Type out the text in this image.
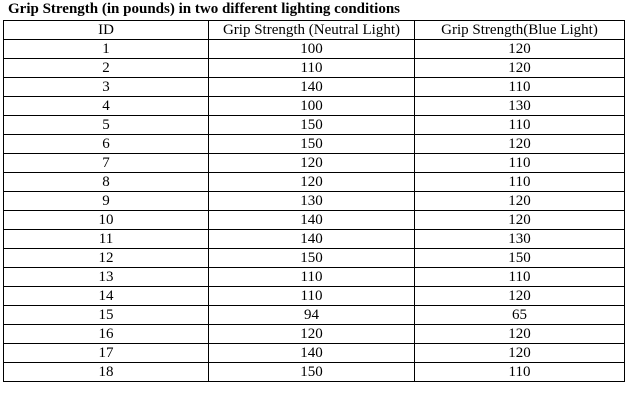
Grip Strength (in pounds) in two different lighting conditions
ID	Grip Strength (Neutral Light)	Grip Strength(Blue Light)
1	100	120
2	110	120
3	140	110
4	100	130
5	150	110
6	150	120
7	120	110
8	120	110
9	130	120
10	140	120
11	140	130
12	150	150
13	110	110
14	110	120
15	94	65
16	120	120
17	140	120
18	150	110
